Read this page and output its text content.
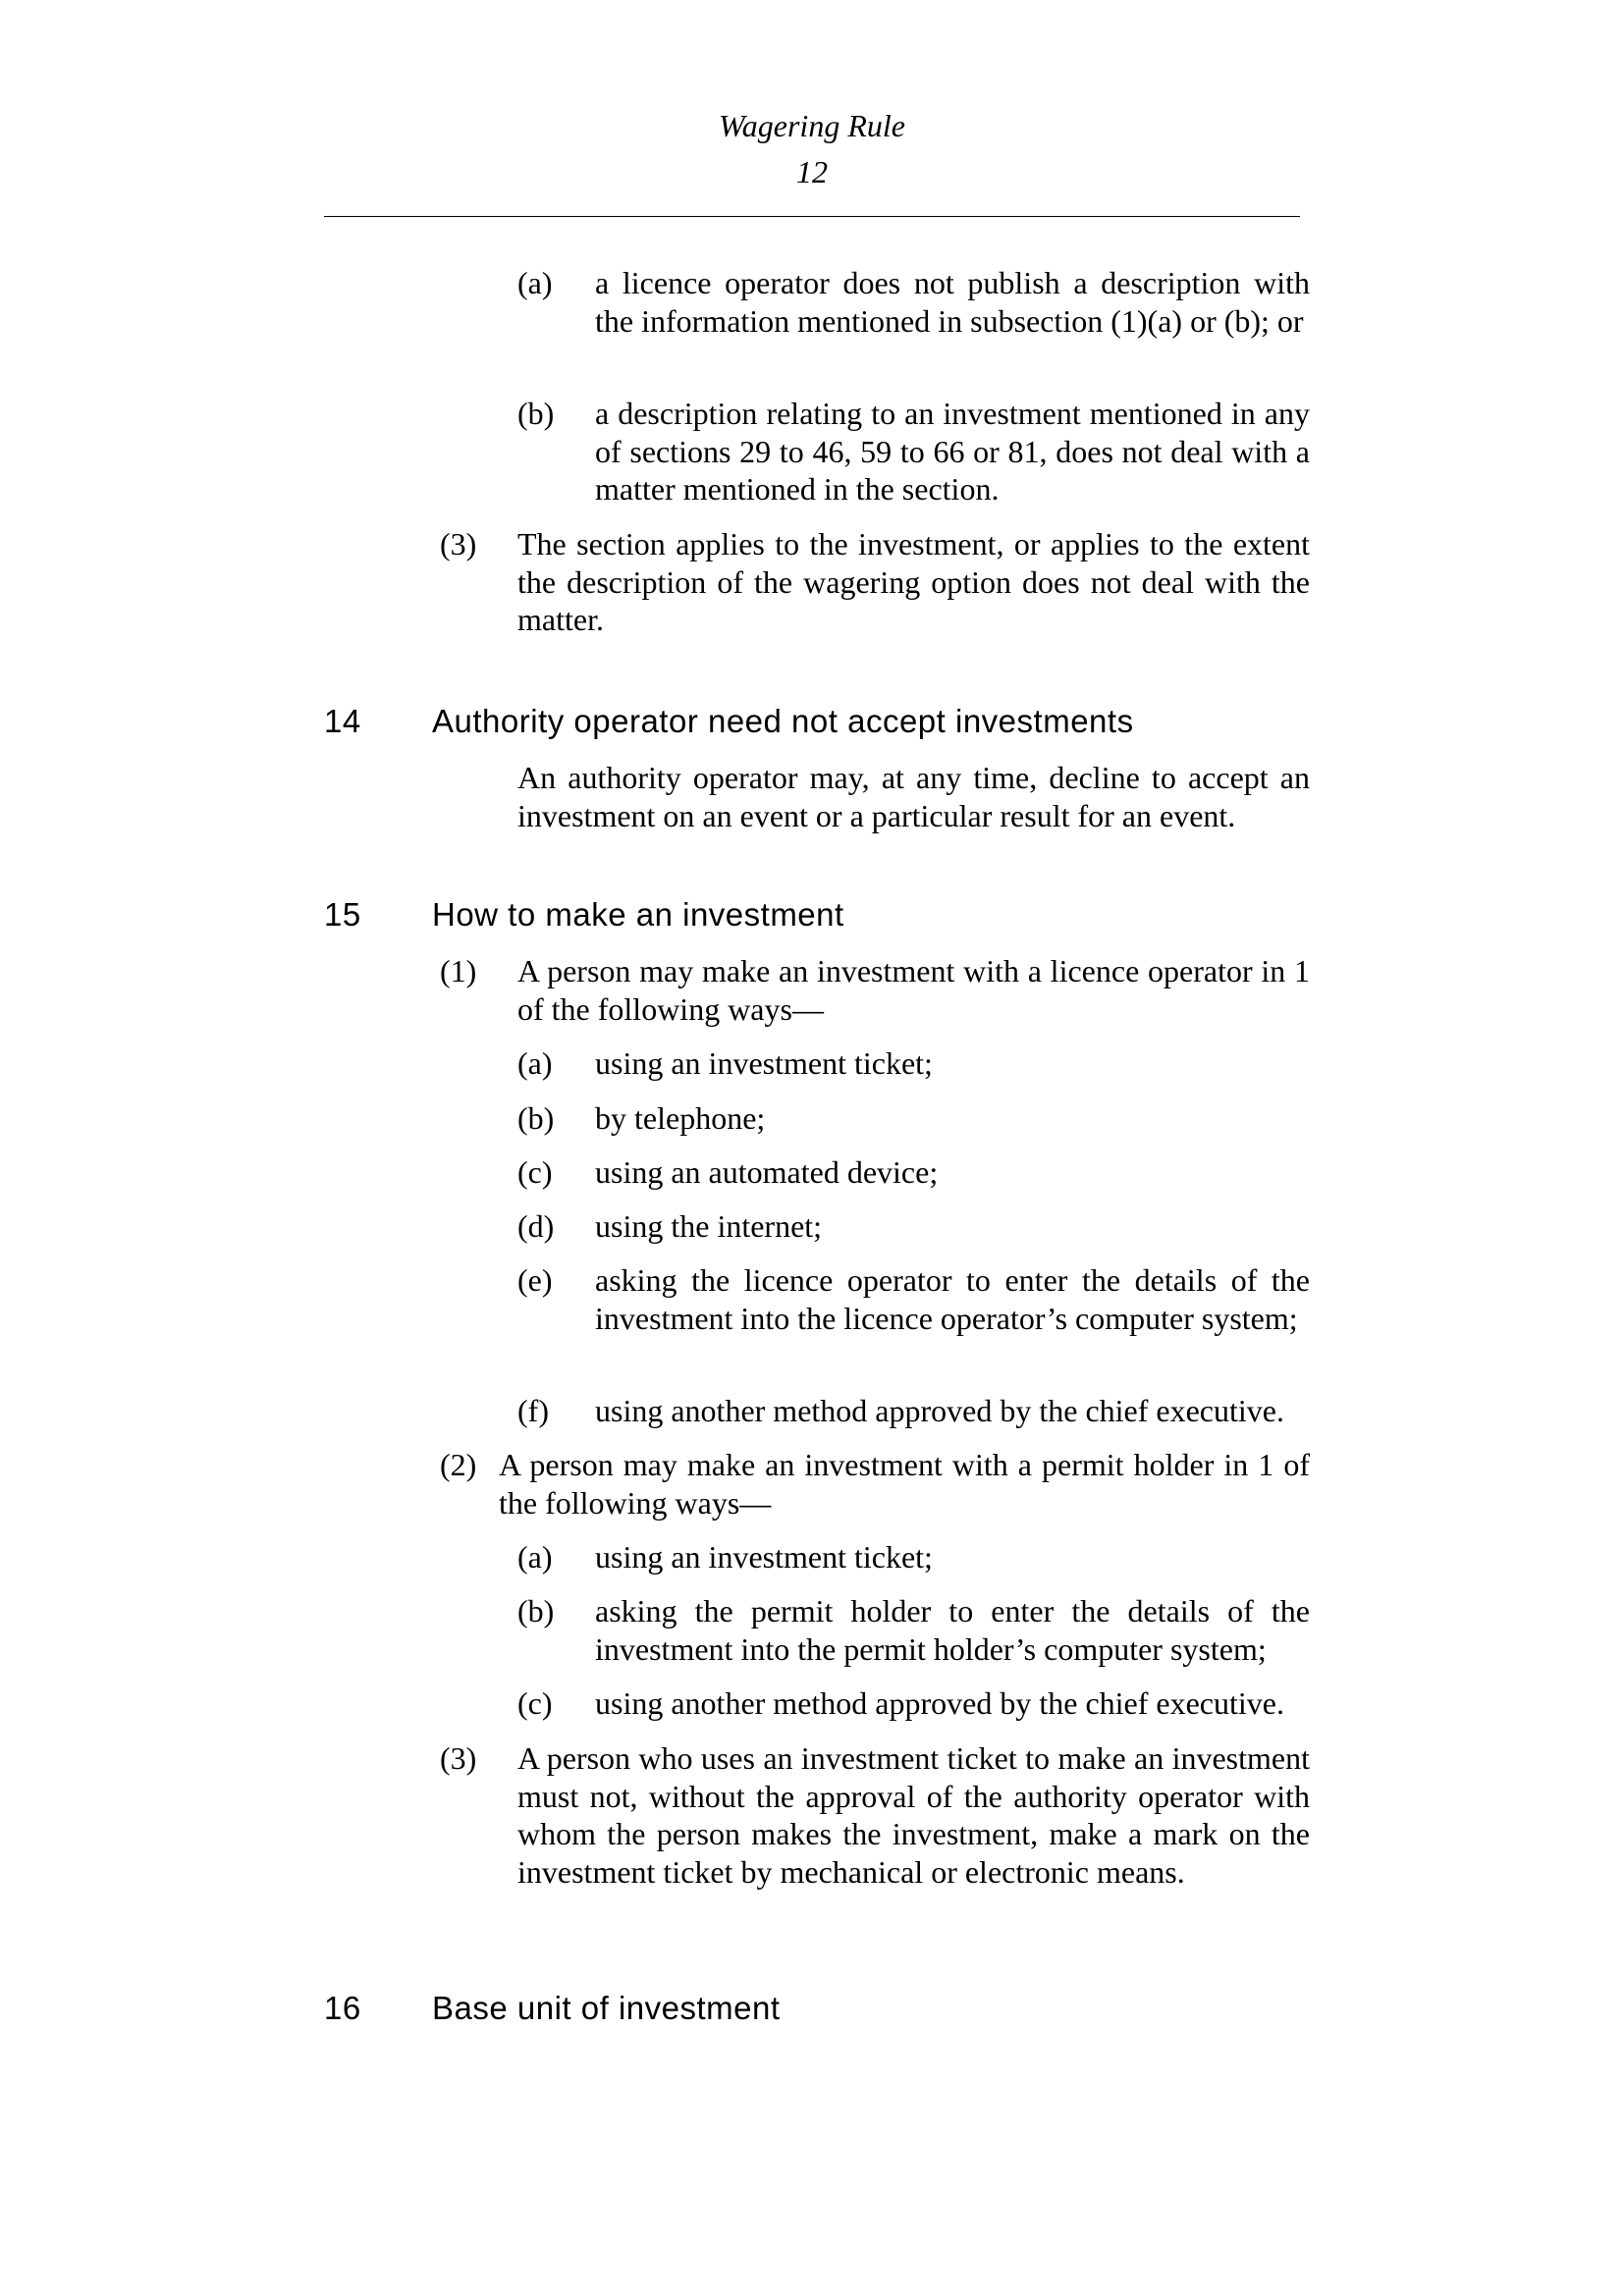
Wagering Rule
12
(a) a licence operator does not publish a description with the information mentioned in subsection (1)(a) or (b); or
(b) a description relating to an investment mentioned in any of sections 29 to 46, 59 to 66 or 81, does not deal with a matter mentioned in the section.
(3) The section applies to the investment, or applies to the extent the description of the wagering option does not deal with the matter.
14 Authority operator need not accept investments
An authority operator may, at any time, decline to accept an investment on an event or a particular result for an event.
15 How to make an investment
(1) A person may make an investment with a licence operator in 1 of the following ways—
(a) using an investment ticket;
(b) by telephone;
(c) using an automated device;
(d) using the internet;
(e) asking the licence operator to enter the details of the investment into the licence operator’s computer system;
(f) using another method approved by the chief executive.
(2) A person may make an investment with a permit holder in 1 of the following ways—
(a) using an investment ticket;
(b) asking the permit holder to enter the details of the investment into the permit holder’s computer system;
(c) using another method approved by the chief executive.
(3) A person who uses an investment ticket to make an investment must not, without the approval of the authority operator with whom the person makes the investment, make a mark on the investment ticket by mechanical or electronic means.
16 Base unit of investment
